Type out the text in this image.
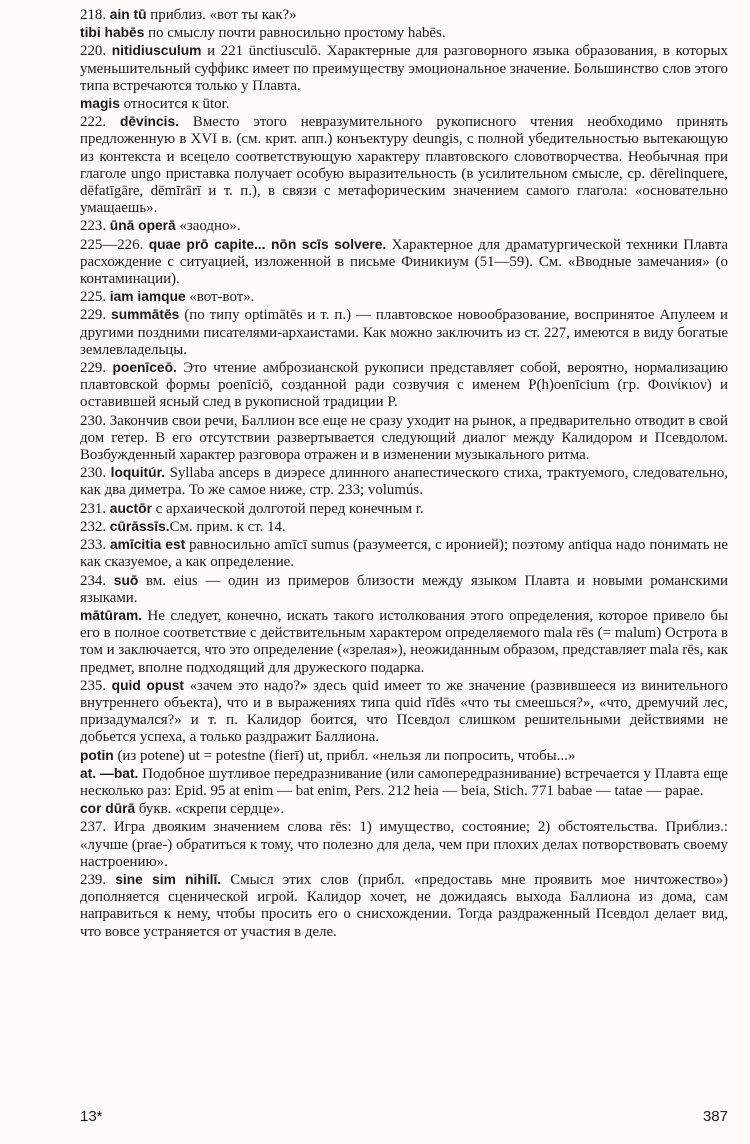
218. ain tū приблиз. «вот ты как?»

tibi habēs по смыслу почти равносильно простому habēs.

220. nitidiusculum и 221 ūnctiusculō. Характерные для разговорного языка образования, в которых уменьшительный суффикс имеет по преимуществу эмоциональное значение. Большинство слов этого типа встречаются только у Плавта.

magis относится к ūtor.

222. dēvincis. Вместо этого невразумительного рукописного чтения необходимо принять предложенную в XVI в. (см. крит. апп.) конъектуру deungis, с полной убедительностью вытекающую из контекста и всецело соответствующую характеру плавтовского словотворчества. Необычная при глаголе ungo приставка получает особую выразительность (в усилительном смысле, ср. dērelinquere, dēfatīgāre, dēmīrārī и т. п.), в связи с метафорическим значением самого глагола: «основательно умащаешь».

223. ūnā operā «заодно».

225—226. quae prō capite... nōn scīs solvere. Характерное для драматургической техники Плавта расхождение с ситуацией, изложенной в письме Финикиум (51—59). См. «Вводные замечания» (о контаминации).

225. iam iamque «вот-вот».

229. summātēs (по типу optimātēs и т. п.) — плавтовское новообразование, воспринятое Апулеем и другими поздними писателями-архаистами. Как можно заключить из ст. 227, имеются в виду богатые землевладельцы.

229. poenīceō. Это чтение амброзианской рукописи представляет собой, вероятно, нормализацию плавтовской формы poenīciō, созданной ради созвучия с именем P(h)oenīcium (гр. Φοινίκιον) и оставившей ясный след в рукописной традиции P.

230. Закончив свои речи, Баллион все еще не сразу уходит на рынок, а предварительно отводит в свой дом гетер. В его отсутствии развертывается следующий диалог между Калидором и Псевдолом. Возбужденный характер разговора отражен и в изменении музыкального ритма.

230. loquitúr. Syllaba anceps в диэресе длинного анапестического стиха, трактуемого, следовательно, как два диметра. То же самое ниже, стр. 233; volumús.

231. auctōr с архаической долготой перед конечным r.

232. cūrāssīs.См. прим. к ст. 14.

233. amīcitia est равносильно amīcī sumus (разумеется, с иронией); поэтому antiqua надо понимать не как сказуемое, а как определение.

234. suō вм. eius — один из примеров близости между языком Плавта и новыми романскими языками.

mātūram. Не следует, конечно, искать такого истолкования этого определения, которое привело бы его в полное соответствие с действительным характером определяемого mala rēs (= malum) Острота в том и заключается, что это определение («зрелая»), неожиданным образом, представляет mala rēs, как предмет, вполне подходящий для дружеского подарка.

235. quid opust «зачем это надо?» здесь quid имеет то же значение (развившееся из винительного внутреннего объекта), что и в выражениях типа quid rīdēs «что ты смеешься?», «что, дремучий лес, призадумался?» и т. п. Калидор боится, что Псевдол слишком решительными действиями не добьется успеха, а только раздражит Баллиона.

potin (из potene) ut = potestne (fierī) ut, прибл. «нельзя ли попросить, чтобы...»

at. —bat. Подобное шутливое передразнивание (или самопередразнивание) встречается у Плавта еще несколько раз: Epid. 95 at enim — bat enim, Pers. 212 heia — beia, Stich. 771 babae — tatae — papae.

cor dūrā букв. «скрепи сердце».

237. Игра двояким значением слова rēs: 1) имущество, состояние; 2) обстоятельства. Приблиз.: «лучше (prae-) обратиться к тому, что полезно для дела, чем при плохих делах потворствовать своему настроению».

239. sine sim nihilī. Смысл этих слов (прибл. «предоставь мне проявить мое ничтожество») дополняется сценической игрой. Калидор хочет, не дожидаясь выхода Баллиона из дома, сам направиться к нему, чтобы просить его о снисхождении. Тогда раздраженный Псевдол делает вид, что вовсе устраняется от участия в деле.

13*	387
